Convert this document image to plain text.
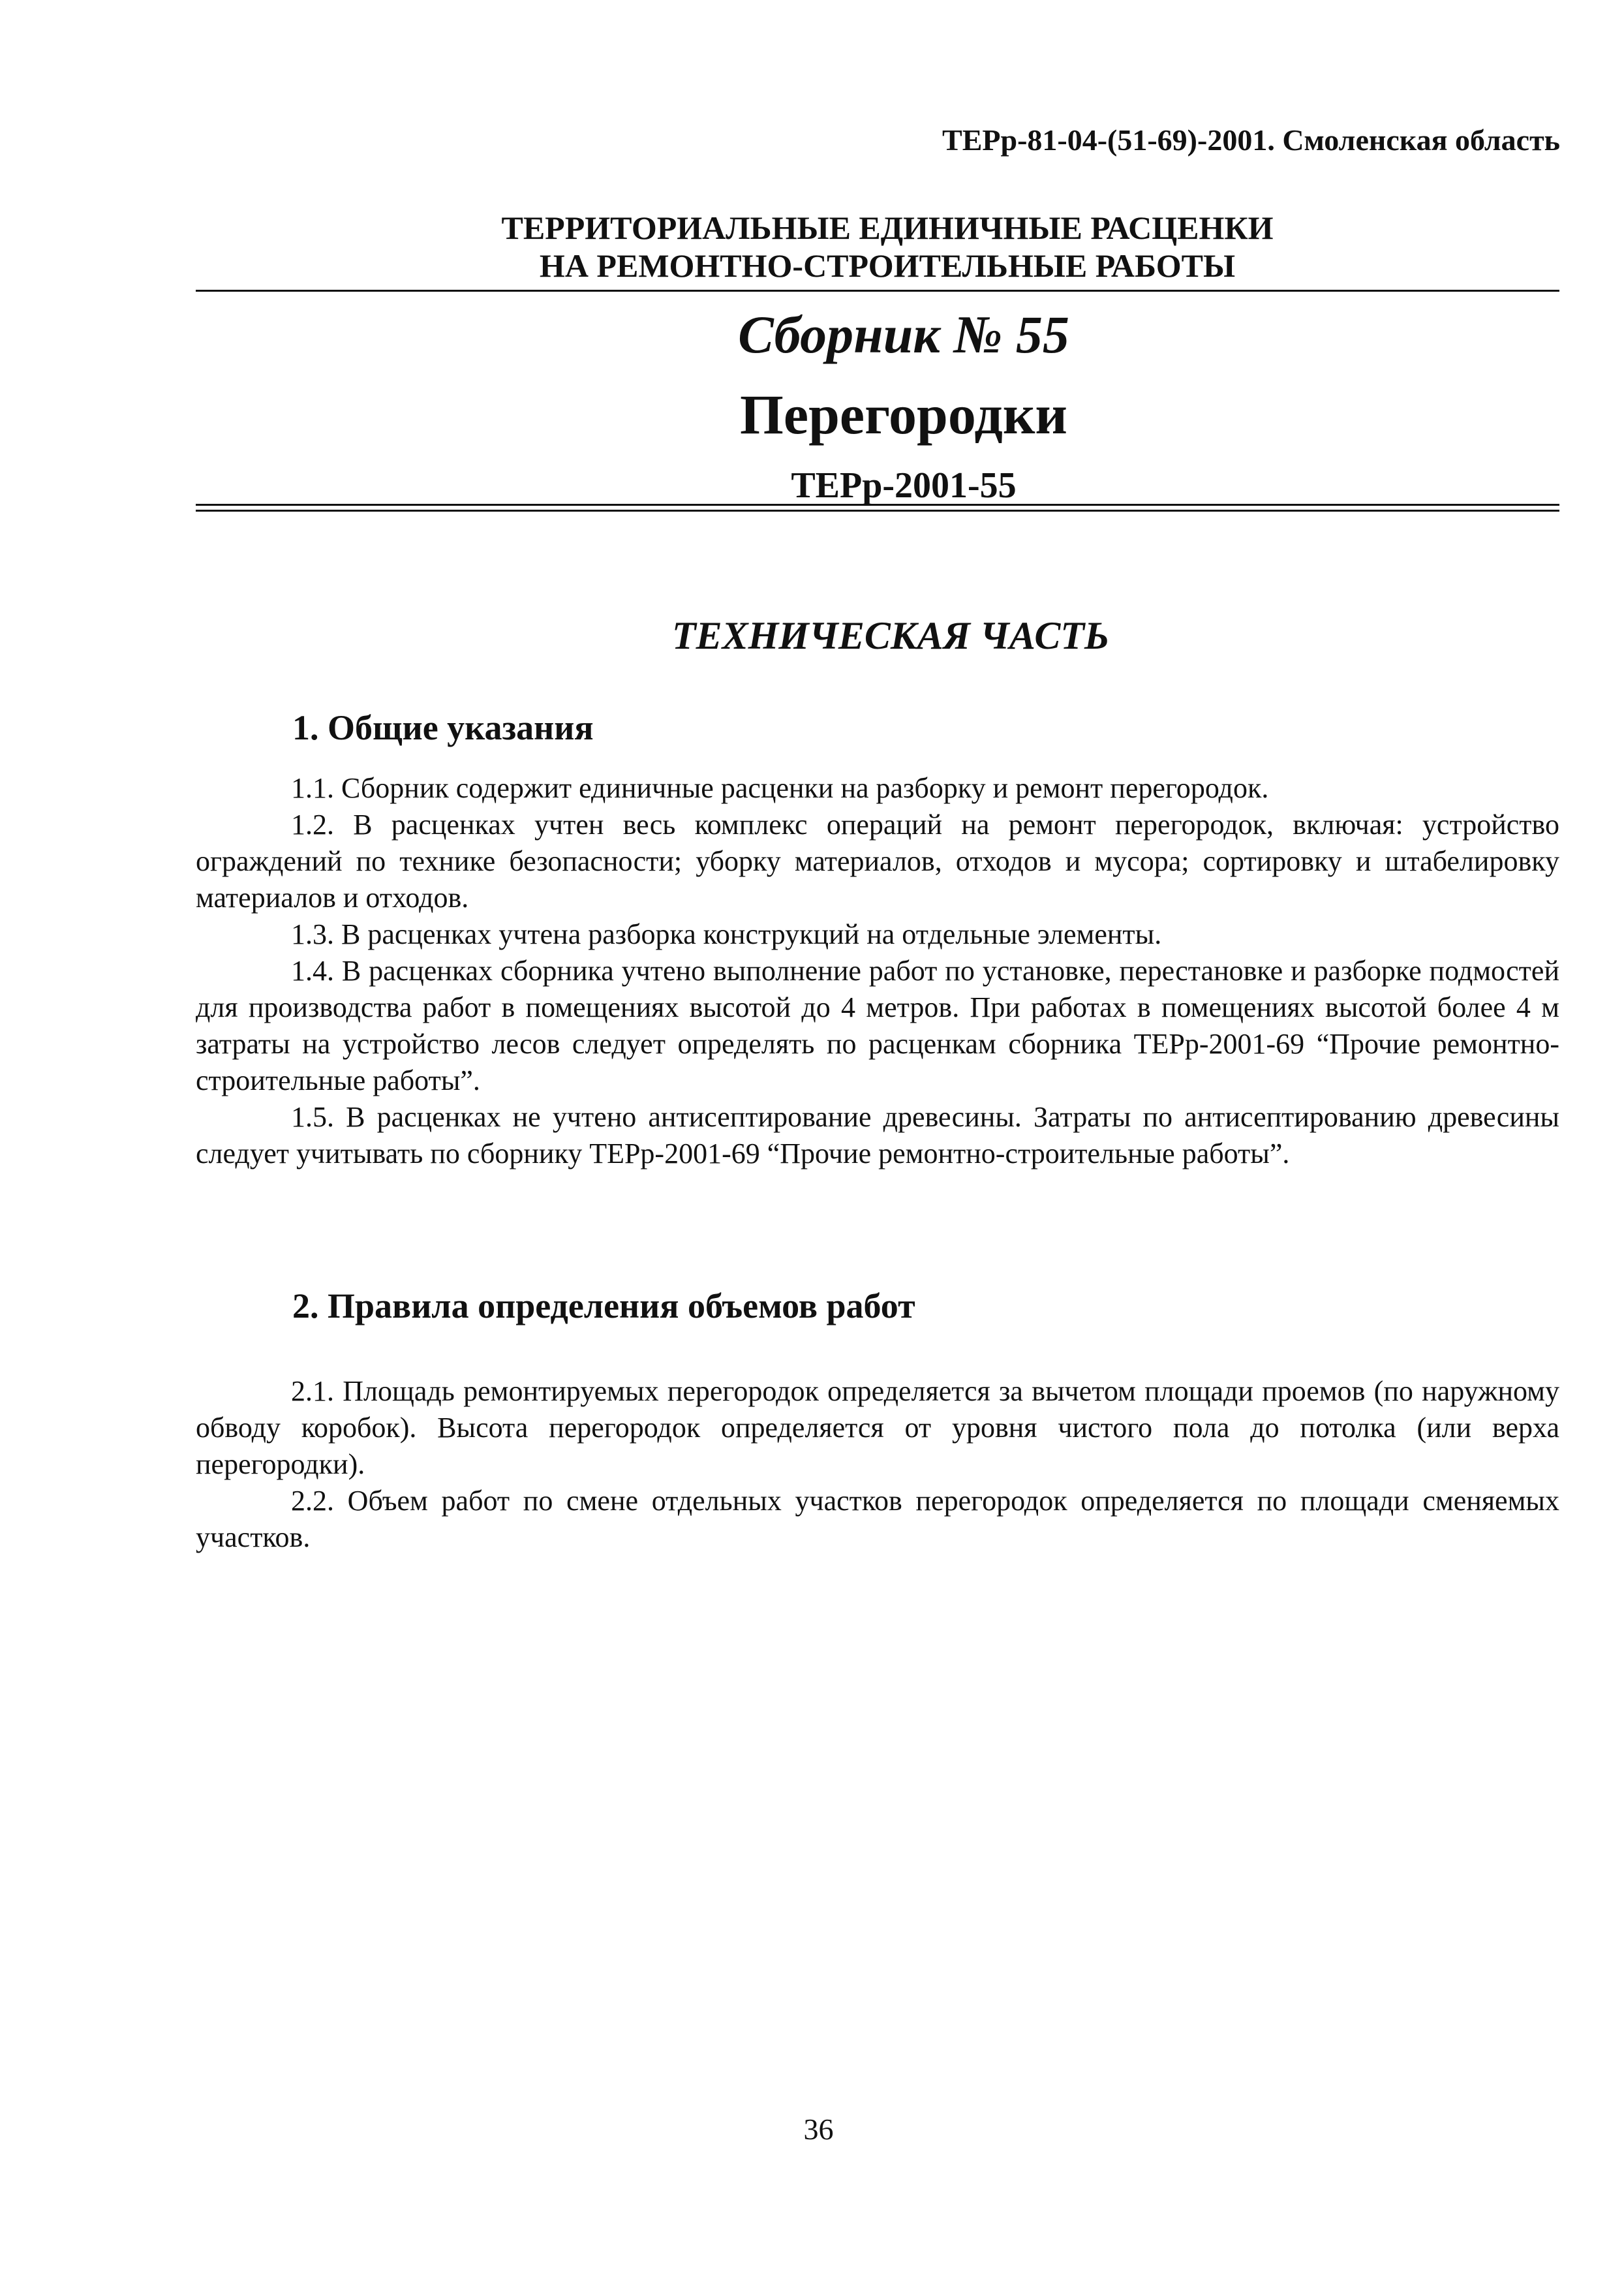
ТЕРр-81-04-(51-69)-2001. Смоленская область
ТЕРРИТОРИАЛЬНЫЕ ЕДИНИЧНЫЕ РАСЦЕНКИ
НА РЕМОНТНО-СТРОИТЕЛЬНЫЕ РАБОТЫ
Сборник № 55
Перегородки
ТЕРр-2001-55
ТЕХНИЧЕСКАЯ ЧАСТЬ
1. Общие указания

1.1. Сборник содержит единичные расценки на разборку и ремонт перегородок.

1.2. В расценках учтен весь комплекс операций на ремонт перегородок, включая: устройство ограждений по технике безопасности; уборку материалов, отходов и мусора; сортировку и штабелировку материалов и отходов.

1.3. В расценках учтена разборка конструкций на отдельные элементы.

1.4. В расценках сборника учтено выполнение работ по установке, перестановке и разборке подмостей для производства работ в помещениях высотой до 4 метров. При работах в помещениях высотой более 4 м затраты на устройство лесов следует определять по расценкам сборника ТЕРр-2001-69 “Прочие ремонтно-строительные работы”.

1.5. В расценках не учтено антисептирование древесины. Затраты по антисептированию древесины следует учитывать по сборнику ТЕРр-2001-69 “Прочие ремонтно-строительные работы”.

2. Правила определения объемов работ

2.1. Площадь ремонтируемых перегородок определяется за вычетом площади проемов (по наружному обводу коробок). Высота перегородок определяется от уровня чистого пола до потолка (или верха перегородки).

2.2. Объем работ по смене отдельных участков перегородок определяется по площади сменяемых участков.

36
